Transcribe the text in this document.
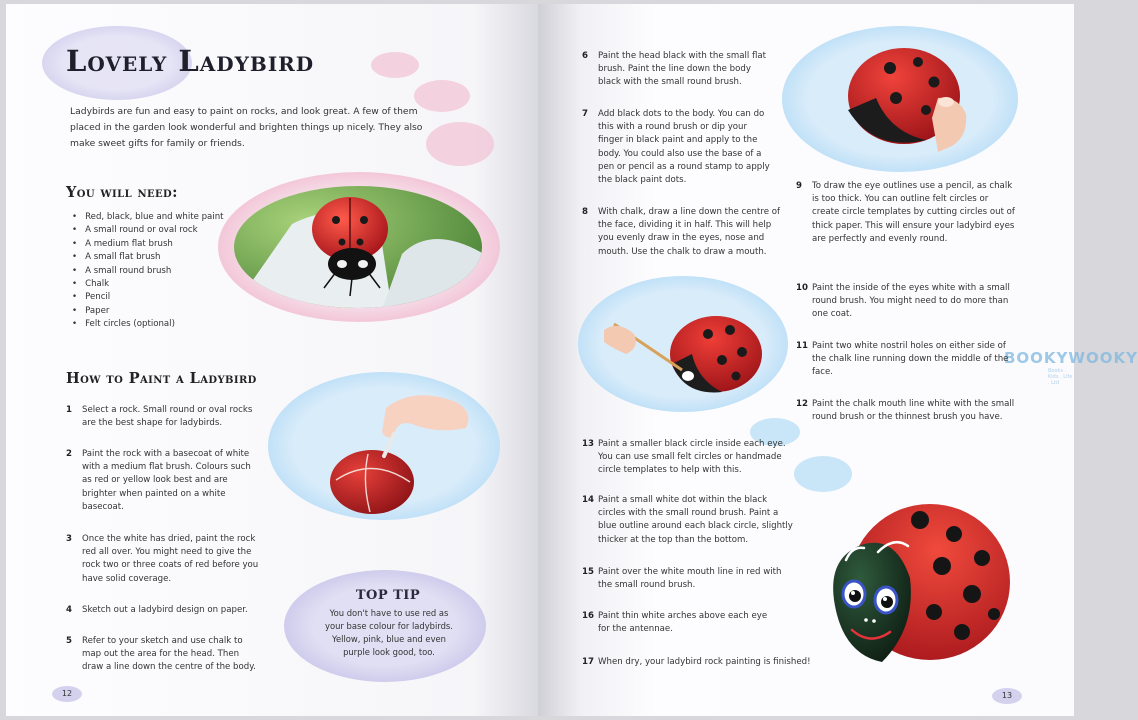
Lovely Ladybird
Ladybirds are fun and easy to paint on rocks, and look great. A few of them placed in the garden look wonderful and brighten things up nicely. They also make sweet gifts for family or friends.
You will need:
• Red, black, blue and white paint
• A small round or oval rock
• A medium flat brush
• A small flat brush
• A small round brush
• Chalk
• Pencil
• Paper
• Felt circles (optional)
How to Paint a Ladybird
1	Select a rock. Small round or oval rocks are the best shape for ladybirds.
2	Paint the rock with a basecoat of white with a medium flat brush. Colours such as red or yellow look best and are brighter when painted on a white basecoat.
3	Once the white has dried, paint the rock red all over. You might need to give the rock two or three coats of red before you have solid coverage.
4	Sketch out a ladybird design on paper.
5	Refer to your sketch and use chalk to map out the area for the head. Then draw a line down the centre of the body.
TOP TIP
You don't have to use red as your base colour for ladybirds. Yellow, pink, blue and even purple look good, too.
12
BOOKYWOOKY
Books . Kids . Life . Ltd
6	Paint the head black with the small flat brush. Paint the line down the body black with the small round brush.
7	Add black dots to the body. You can do this with a round brush or dip your finger in black paint and apply to the body. You could also use the base of a pen or pencil as a round stamp to apply the black paint dots.
8	With chalk, draw a line down the centre of the face, dividing it in half. This will help you evenly draw in the eyes, nose and mouth. Use the chalk to draw a mouth.
9	To draw the eye outlines use a pencil, as chalk is too thick. You can outline felt circles or create circle templates by cutting circles out of thick paper. This will ensure your ladybird eyes are perfectly and evenly round.
10 Paint the inside of the eyes white with a small round brush. You might need to do more than one coat.
11 Paint two white nostril holes on either side of the chalk line running down the middle of the face.
12 Paint the chalk mouth line white with the small round brush or the thinnest brush you have.
13 Paint a smaller black circle inside each eye. You can use small felt circles or handmade circle templates to help with this.
14 Paint a small white dot within the black circles with the small round brush. Paint a blue outline around each black circle, slightly thicker at the top than the bottom.
15 Paint over the white mouth line in red with the small round brush.
16 Paint thin white arches above each eye for the antennae.
17 When dry, your ladybird rock painting is finished!
13
